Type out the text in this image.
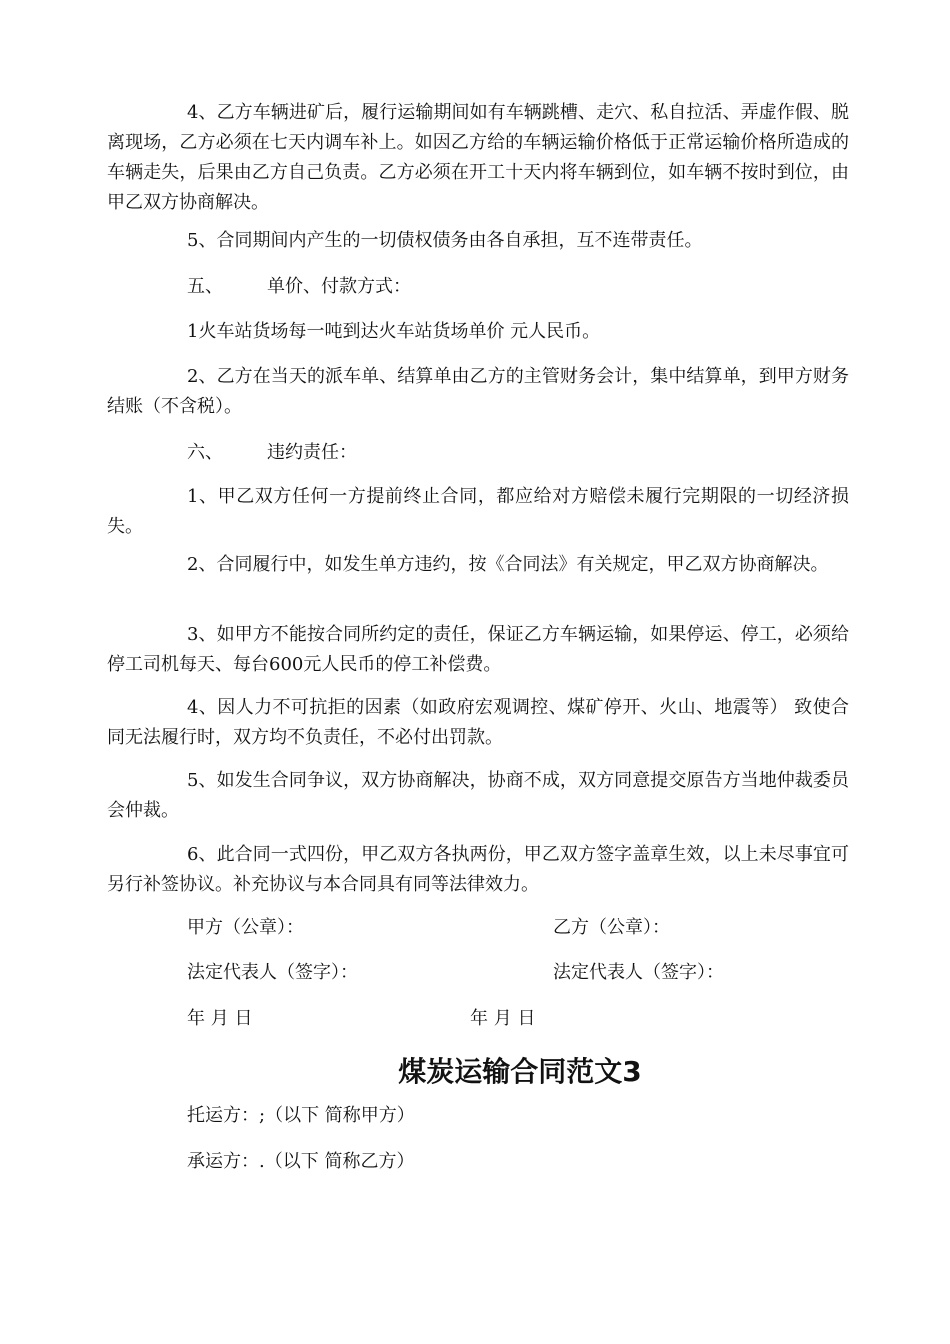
4、乙方车辆进矿后，履行运输期间如有车辆跳槽、走穴、私自拉活、弄虚作假、脱离现场，乙方必须在七天内调车补上。如因乙方给的车辆运输价格低于正常运输价格所造成的车辆走失，后果由乙方自己负责。乙方必须在开工十天内将车辆到位，如车辆不按时到位，由甲乙双方协商解决。

5、合同期间内产生的一切债权债务由各自承担，互不连带责任。

五、 单价、付款方式：

1火车站货场每一吨到达火车站货场单价 元人民币。

2、乙方在当天的派车单、结算单由乙方的主管财务会计，集中结算单，到甲方财务结账（不含税）。

六、 违约责任：

1、甲乙双方任何一方提前终止合同，都应给对方赔偿未履行完期限的一切经济损失。

2、合同履行中，如发生单方违约，按《合同法》有关规定，甲乙双方协商解决。

3、如甲方不能按合同所约定的责任，保证乙方车辆运输，如果停运、停工，必须给停工司机每天、每台600元人民币的停工补偿费。

4、因人力不可抗拒的因素（如政府宏观调控、煤矿停开、火山、地震等） 致使合同无法履行时，双方均不负责任，不必付出罚款。

5、如发生合同争议，双方协商解决，协商不成，双方同意提交原告方当地仲裁委员会仲裁。

6、此合同一式四份，甲乙双方各执两份，甲乙双方签字盖章生效，以上未尽事宜可另行补签协议。补充协议与本合同具有同等法律效力。

甲方（公章）：	乙方（公章）：

法定代表人（签字）：	法定代表人（签字）：

年 月 日	年 月 日

煤炭运输合同范文3

托运方：;（以下 简称甲方）

承运方：.（以下 简称乙方）
